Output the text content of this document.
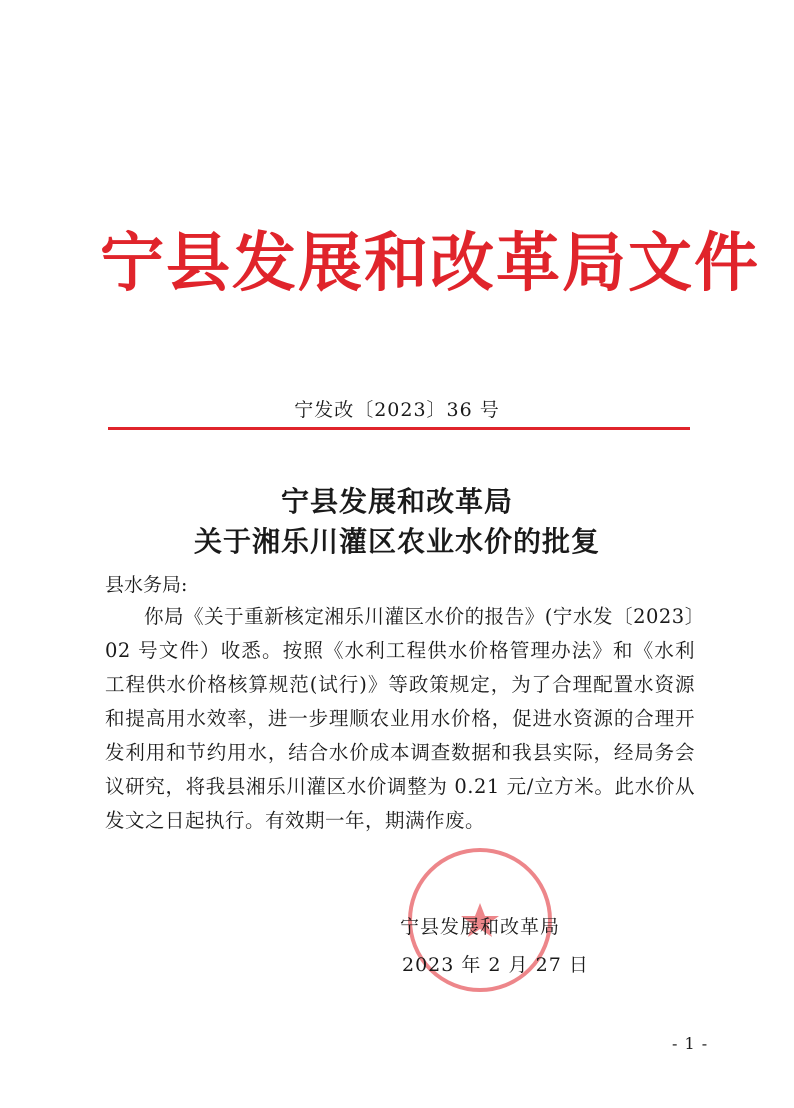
宁县发展和改革局文件
宁发改〔2023〕36 号
宁县发展和改革局
关于湘乐川灌区农业水价的批复
县水务局:
你局《关于重新核定湘乐川灌区水价的报告》(宁水发〔2023〕02 号文件）收悉。按照《水利工程供水价格管理办法》和《水利工程供水价格核算规范(试行)》等政策规定，为了合理配置水资源和提高用水效率，进一步理顺农业用水价格，促进水资源的合理开发利用和节约用水，结合水价成本调查数据和我县实际，经局务会议研究，将我县湘乐川灌区水价调整为 0.21 元/立方米。此水价从发文之日起执行。有效期一年，期满作废。
宁县发展和改革局
2023 年 2 月 27 日
- 1 -
